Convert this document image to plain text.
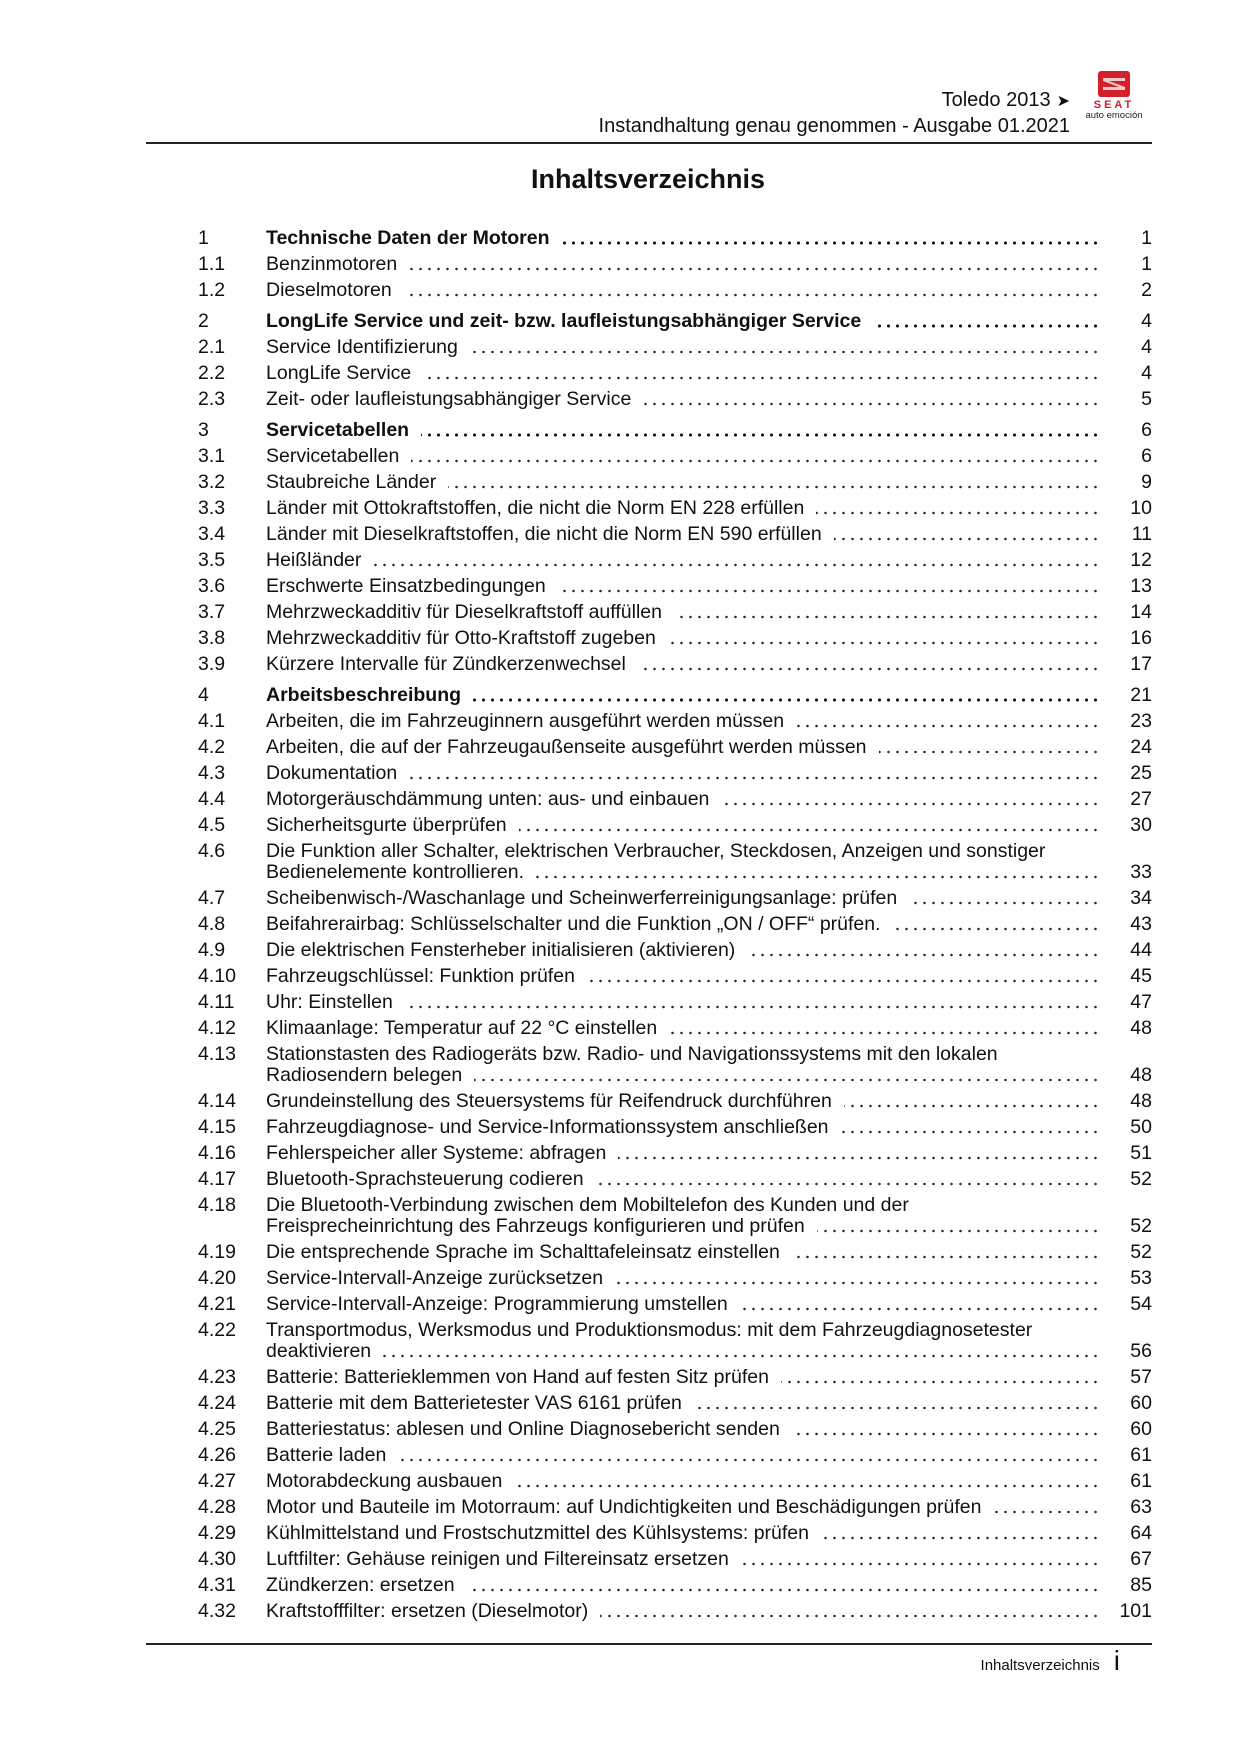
Toledo 2013 ➤
Instandhaltung genau genommen - Ausgabe 01.2021
SEAT
auto emoción
Inhaltsverzeichnis
1	Technische Daten der Motoren	1
1.1	Benzinmotoren	1
1.2	Dieselmotoren	2
2	LongLife Service und zeit- bzw. laufleistungsabhängiger Service	4
2.1	Service Identifizierung	4
2.2	LongLife Service	4
2.3	Zeit- oder laufleistungsabhängiger Service	5
3	Servicetabellen	6
3.1	Servicetabellen	6
3.2	Staubreiche Länder	9
3.3	Länder mit Ottokraftstoffen, die nicht die Norm EN 228 erfüllen	10
3.4	Länder mit Dieselkraftstoffen, die nicht die Norm EN 590 erfüllen	11
3.5	Heißländer	12
3.6	Erschwerte Einsatzbedingungen	13
3.7	Mehrzweckadditiv für Dieselkraftstoff auffüllen	14
3.8	Mehrzweckadditiv für Otto-Kraftstoff zugeben	16
3.9	Kürzere Intervalle für Zündkerzenwechsel	17
4	Arbeitsbeschreibung	21
4.1	Arbeiten, die im Fahrzeuginnern ausgeführt werden müssen	23
4.2	Arbeiten, die auf der Fahrzeugaußenseite ausgeführt werden müssen	24
4.3	Dokumentation	25
4.4	Motorgeräuschdämmung unten: aus- und einbauen	27
4.5	Sicherheitsgurte überprüfen	30
4.6	Die Funktion aller Schalter, elektrischen Verbraucher, Steckdosen, Anzeigen und sonstiger Bedienelemente kontrollieren.	33
4.7	Scheibenwisch-/Waschanlage und Scheinwerferreinigungsanlage: prüfen	34
4.8	Beifahrerairbag: Schlüsselschalter und die Funktion „ON / OFF“ prüfen.	43
4.9	Die elektrischen Fensterheber initialisieren (aktivieren)	44
4.10	Fahrzeugschlüssel: Funktion prüfen	45
4.11	Uhr: Einstellen	47
4.12	Klimaanlage: Temperatur auf 22 °C einstellen	48
4.13	Stationstasten des Radiogeräts bzw. Radio- und Navigationssystems mit den lokalen Radiosendern belegen	48
4.14	Grundeinstellung des Steuersystems für Reifendruck durchführen	48
4.15	Fahrzeugdiagnose- und Service-Informationssystem anschließen	50
4.16	Fehlerspeicher aller Systeme: abfragen	51
4.17	Bluetooth-Sprachsteuerung codieren	52
4.18	Die Bluetooth-Verbindung zwischen dem Mobiltelefon des Kunden und der Freisprecheinrichtung des Fahrzeugs konfigurieren und prüfen	52
4.19	Die entsprechende Sprache im Schalttafeleinsatz einstellen	52
4.20	Service-Intervall-Anzeige zurücksetzen	53
4.21	Service-Intervall-Anzeige: Programmierung umstellen	54
4.22	Transportmodus, Werksmodus und Produktionsmodus: mit dem Fahrzeugdiagnosetester deaktivieren	56
4.23	Batterie: Batterieklemmen von Hand auf festen Sitz prüfen	57
4.24	Batterie mit dem Batterietester VAS 6161 prüfen	60
4.25	Batteriestatus: ablesen und Online Diagnosebericht senden	60
4.26	Batterie laden	61
4.27	Motorabdeckung ausbauen	61
4.28	Motor und Bauteile im Motorraum: auf Undichtigkeiten und Beschädigungen prüfen	63
4.29	Kühlmittelstand und Frostschutzmittel des Kühlsystems: prüfen	64
4.30	Luftfilter: Gehäuse reinigen und Filtereinsatz ersetzen	67
4.31	Zündkerzen: ersetzen	85
4.32	Kraftstofffilter: ersetzen (Dieselmotor)	101
Inhaltsverzeichnis i
